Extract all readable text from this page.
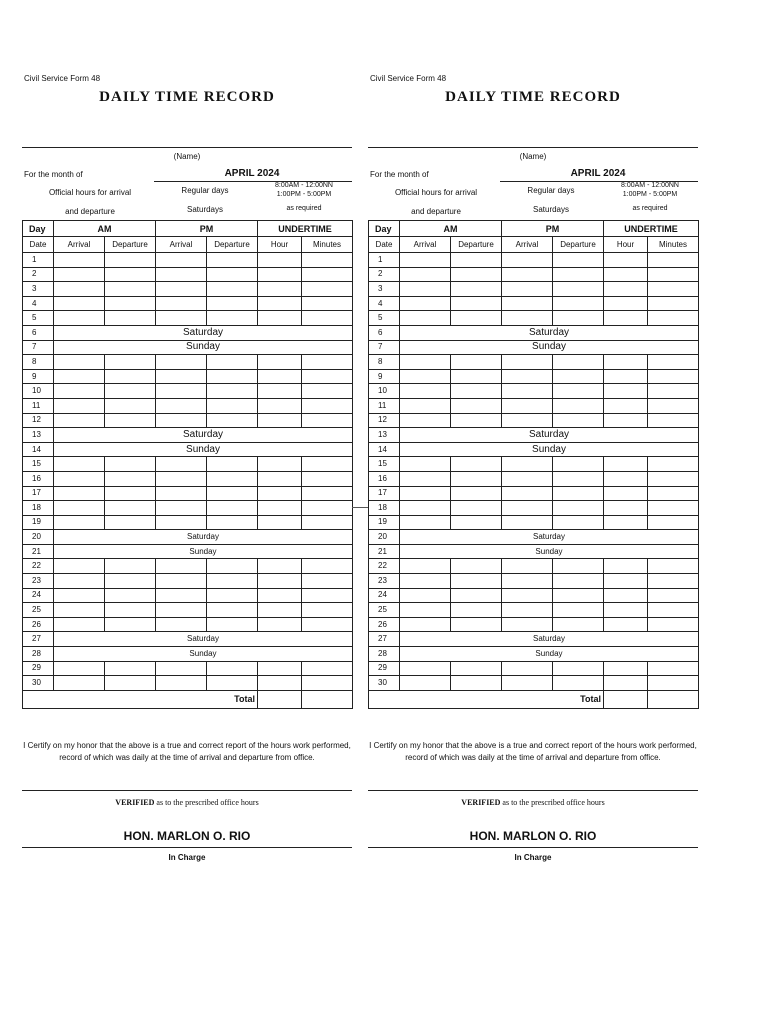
Civil Service Form 48
DAILY TIME RECORD
(Name)
For the month of	APRIL 2024
Official hours for arrival
and departure
Regular days
Saturdays
8:00AM - 12:00NN
1:00PM - 5:00PM
as required
Day	AM		PM		UNDERTIME	
Date	Arrival	Departure	Arrival	Departure	Hour	Minutes
1						
2						
3						
4						
5						
6	Saturday					
7	Sunday					
8						
9						
10						
11						
12						
13	Saturday					
14	Sunday					
15						
16						
17						
18						
19						
20	Saturday					
21	Sunday					
22						
23						
24						
25						
26						
27	Saturday					
28	Sunday					
29						
30						
Total						
I Certify on my honor that the above is a true and correct report of the hours work performed,
record of which was daily at the time of arrival and departure from office.
VERIFIED as to the prescribed office hours
HON. MARLON O. RIO
In Charge
Civil Service Form 48
DAILY TIME RECORD
(Name)
For the month of	APRIL 2024
Official hours for arrival
and departure
Regular days
Saturdays
8:00AM - 12:00NN
1:00PM - 5:00PM
as required
Day	AM		PM		UNDERTIME	
Date	Arrival	Departure	Arrival	Departure	Hour	Minutes
1						
2						
3						
4						
5						
6	Saturday					
7	Sunday					
8						
9						
10						
11						
12						
13	Saturday					
14	Sunday					
15						
16						
17						
18						
19						
20	Saturday					
21	Sunday					
22						
23						
24						
25						
26						
27	Saturday					
28	Sunday					
29						
30						
Total						
I Certify on my honor that the above is a true and correct report of the hours work performed,
record of which was daily at the time of arrival and departure from office.
VERIFIED as to the prescribed office hours
HON. MARLON O. RIO
In Charge
